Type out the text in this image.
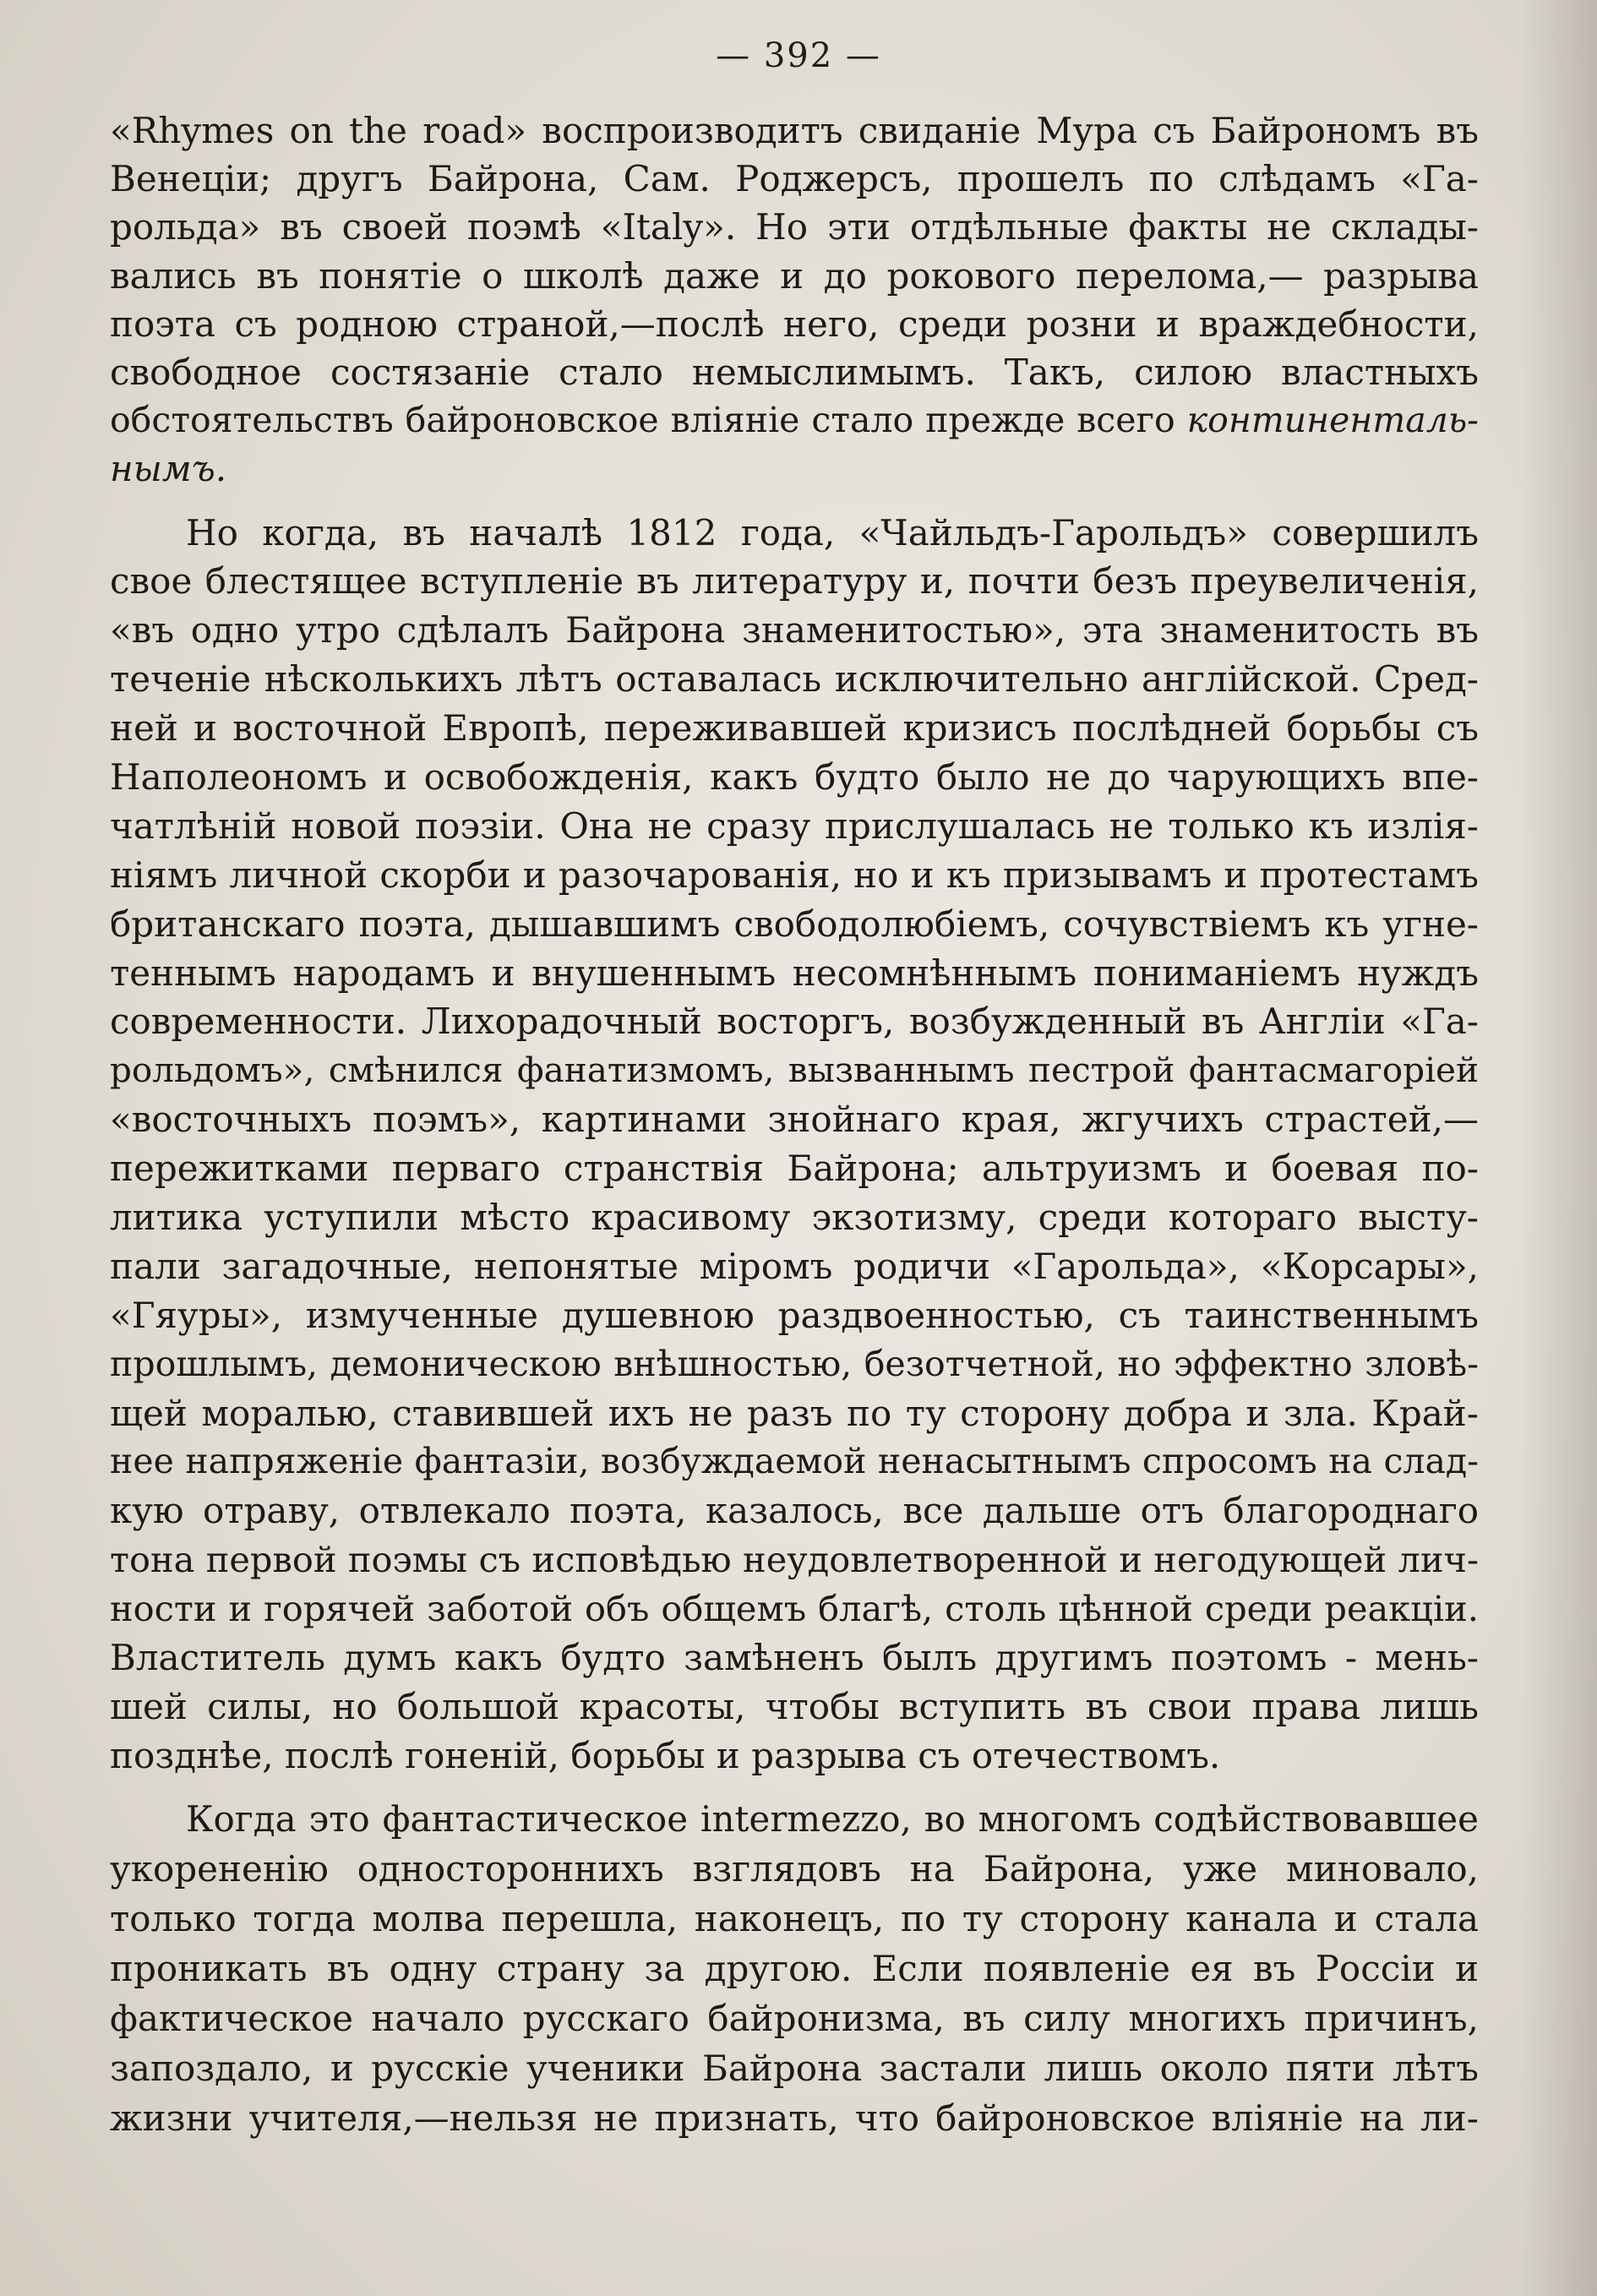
— 392 —
«Rhymes on the road» воспроизводитъ свиданіе Мура съ Байрономъ въ
Венеціи; другъ Байрона, Сам. Роджерсъ, прошелъ по слѣдамъ «Га-
рольда» въ своей поэмѣ «Italy». Но эти отдѣльные факты не склады-
вались въ понятіе о школѣ даже и до рокового перелома,— разрыва
поэта съ родною страной,—послѣ него, среди розни и враждебности,
свободное состязаніе стало немыслимымъ. Такъ, силою властныхъ
обстоятельствъ байроновское вліяніе стало прежде всего континенталь-
нымъ.
Но когда, въ началѣ 1812 года, «Чайльдъ-Гарольдъ» совершилъ
свое блестящее вступленіе въ литературу и, почти безъ преувеличенія,
«въ одно утро сдѣлалъ Байрона знаменитостью», эта знаменитость въ
теченіе нѣсколькихъ лѣтъ оставалась исключительно англійской. Сред-
ней и восточной Европѣ, переживавшей кризисъ послѣдней борьбы съ
Наполеономъ и освобожденія, какъ будто было не до чарующихъ впе-
чатлѣній новой поэзіи. Она не сразу прислушалась не только къ излія-
ніямъ личной скорби и разочарованія, но и къ призывамъ и протестамъ
британскаго поэта, дышавшимъ свободолюбіемъ, сочувствіемъ къ угне-
теннымъ народамъ и внушеннымъ несомнѣннымъ пониманіемъ нуждъ
современности. Лихорадочный восторгъ, возбужденный въ Англіи «Га-
рольдомъ», смѣнился фанатизмомъ, вызваннымъ пестрой фантасмагоріей
«восточныхъ поэмъ», картинами знойнаго края, жгучихъ страстей,—
пережитками перваго странствія Байрона; альтруизмъ и боевая по-
литика уступили мѣсто красивому экзотизму, среди котораго высту-
пали загадочные, непонятые міромъ родичи «Гарольда», «Корсары»,
«Гяуры», измученные душевною раздвоенностью, съ таинственнымъ
прошлымъ, демоническою внѣшностью, безотчетной, но эффектно зловѣ-
щей моралью, ставившей ихъ не разъ по ту сторону добра и зла. Край-
нее напряженіе фантазіи, возбуждаемой ненасытнымъ спросомъ на слад-
кую отраву, отвлекало поэта, казалось, все дальше отъ благороднаго
тона первой поэмы съ исповѣдью неудовлетворенной и негодующей лич-
ности и горячей заботой объ общемъ благѣ, столь цѣнной среди реакціи.
Властитель думъ какъ будто замѣненъ былъ другимъ поэтомъ - мень-
шей силы, но большой красоты, чтобы вступить въ свои права лишь
позднѣе, послѣ гоненій, борьбы и разрыва съ отечествомъ.
Когда это фантастическое intermezzo, во многомъ содѣйствовавшее
укорененію одностороннихъ взглядовъ на Байрона, уже миновало,
только тогда молва перешла, наконецъ, по ту сторону канала и стала
проникать въ одну страну за другою. Если появленіе ея въ Россіи и
фактическое начало русскаго байронизма, въ силу многихъ причинъ,
запоздало, и русскіе ученики Байрона застали лишь около пяти лѣтъ
жизни учителя,—нельзя не признать, что байроновское вліяніе на ли-
